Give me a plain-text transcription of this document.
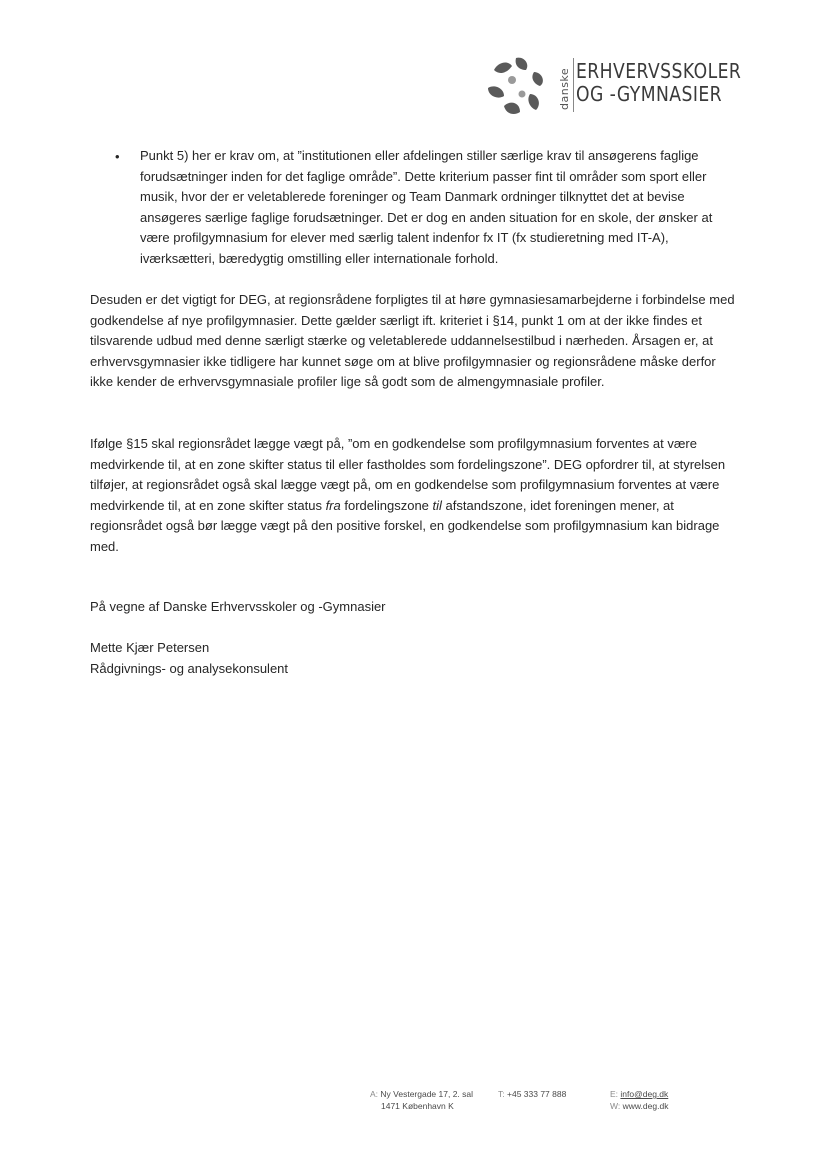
danske ERHVERVSSKOLER
OG -GYMNASIER
• Punkt 5) her er krav om, at ”institutionen eller afdelingen stiller særlige krav til ansøgerens faglige forudsætninger inden for det faglige område”. Dette kriterium passer fint til områder som sport eller musik, hvor der er veletablerede foreninger og Team Danmark ordninger tilknyttet det at bevise ansøgeres særlige faglige forudsætninger. Det er dog en anden situation for en skole, der ønsker at være profilgymnasium for elever med særlig talent indenfor fx IT (fx studieretning med IT-A), iværksætteri, bæredygtig omstilling eller internationale forhold.
Desuden er det vigtigt for DEG, at regionsrådene forpligtes til at høre gymnasiesamarbejderne i forbindelse med godkendelse af nye profilgymnasier. Dette gælder særligt ift. kriteriet i §14, punkt 1 om at der ikke findes et tilsvarende udbud med denne særligt stærke og veletablerede uddannelsestilbud i nærheden. Årsagen er, at erhvervsgymnasier ikke tidligere har kunnet søge om at blive profilgymnasier og regionsrådene måske derfor ikke kender de erhvervsgymnasiale profiler lige så godt som de almengymnasiale profiler.
Ifølge §15 skal regionsrådet lægge vægt på, ”om en godkendelse som profilgymnasium forventes at være medvirkende til, at en zone skifter status til eller fastholdes som fordelingszone”. DEG opfordrer til, at styrelsen tilføjer, at regionsrådet også skal lægge vægt på, om en godkendelse som profilgymnasium forventes at være medvirkende til, at en zone skifter status fra fordelingszone til afstandszone, idet foreningen mener, at regionsrådet også bør lægge vægt på den positive forskel, en godkendelse som profilgymnasium kan bidrage med.
På vegne af Danske Erhvervsskoler og -Gymnasier
Mette Kjær Petersen
Rådgivnings- og analysekonsulent
A: Ny Vestergade 17, 2. sal
1471 København K
T: +45 333 77 888	E: info@deg.dk
W: www.deg.dk
